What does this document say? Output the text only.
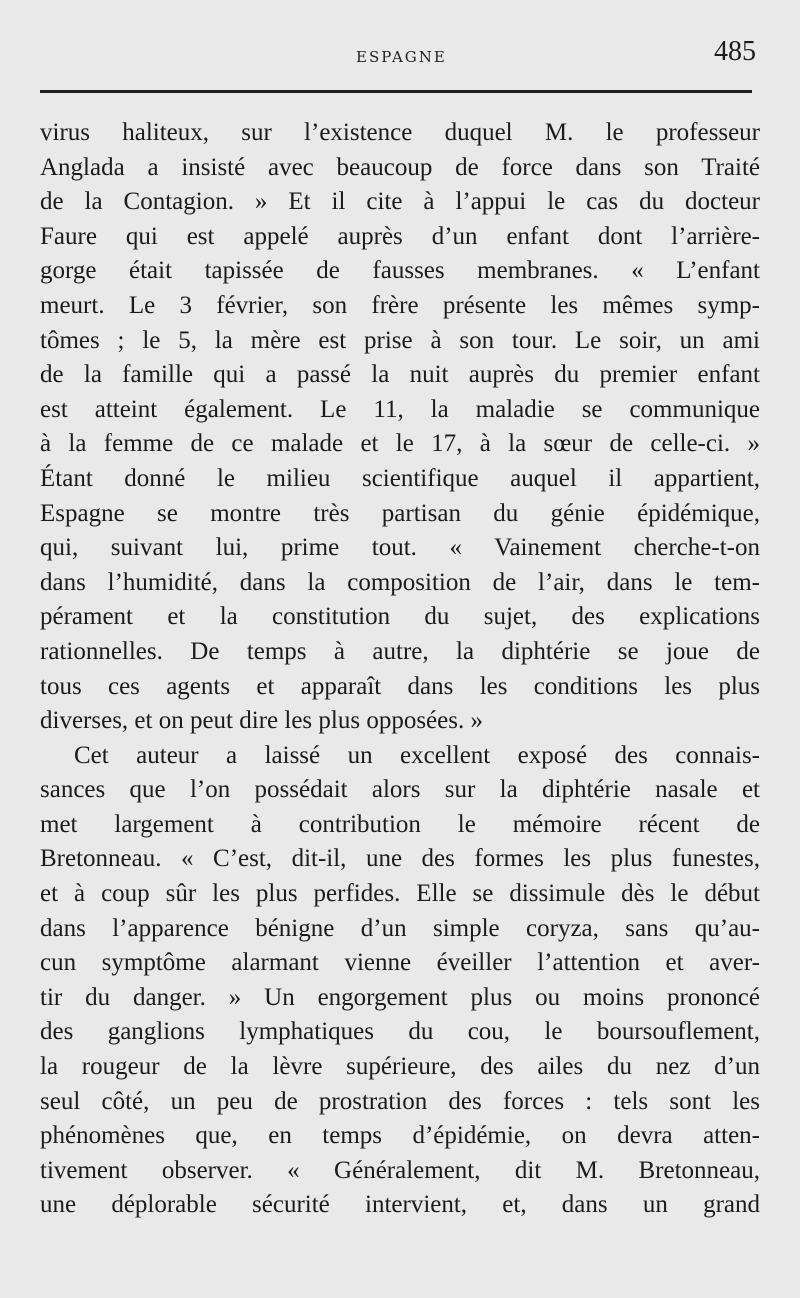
ESPAGNE	485
virus haliteux, sur l’existence duquel M. le professeur
Anglada a insisté avec beaucoup de force dans son Traité
de la Contagion. » Et il cite à l’appui le cas du docteur
Faure qui est appelé auprès d’un enfant dont l’arrière-
gorge était tapissée de fausses membranes. « L’enfant
meurt. Le 3 février, son frère présente les mêmes symp-
tômes ; le 5, la mère est prise à son tour. Le soir, un ami
de la famille qui a passé la nuit auprès du premier enfant
est atteint également. Le 11, la maladie se communique
à la femme de ce malade et le 17, à la sœur de celle-ci. »
Étant donné le milieu scientifique auquel il appartient,
Espagne se montre très partisan du génie épidémique,
qui, suivant lui, prime tout. « Vainement cherche-t-on
dans l’humidité, dans la composition de l’air, dans le tem-
pérament et la constitution du sujet, des explications
rationnelles. De temps à autre, la diphtérie se joue de
tous ces agents et apparaît dans les conditions les plus
diverses, et on peut dire les plus opposées. »
Cet auteur a laissé un excellent exposé des connais-
sances que l’on possédait alors sur la diphtérie nasale et
met largement à contribution le mémoire récent de
Bretonneau. « C’est, dit-il, une des formes les plus funestes,
et à coup sûr les plus perfides. Elle se dissimule dès le début
dans l’apparence bénigne d’un simple coryza, sans qu’au-
cun symptôme alarmant vienne éveiller l’attention et aver-
tir du danger. » Un engorgement plus ou moins prononcé
des ganglions lymphatiques du cou, le boursouflement,
la rougeur de la lèvre supérieure, des ailes du nez d’un
seul côté, un peu de prostration des forces : tels sont les
phénomènes que, en temps d’épidémie, on devra atten-
tivement observer. « Généralement, dit M. Bretonneau,
une déplorable sécurité intervient, et, dans un grand
